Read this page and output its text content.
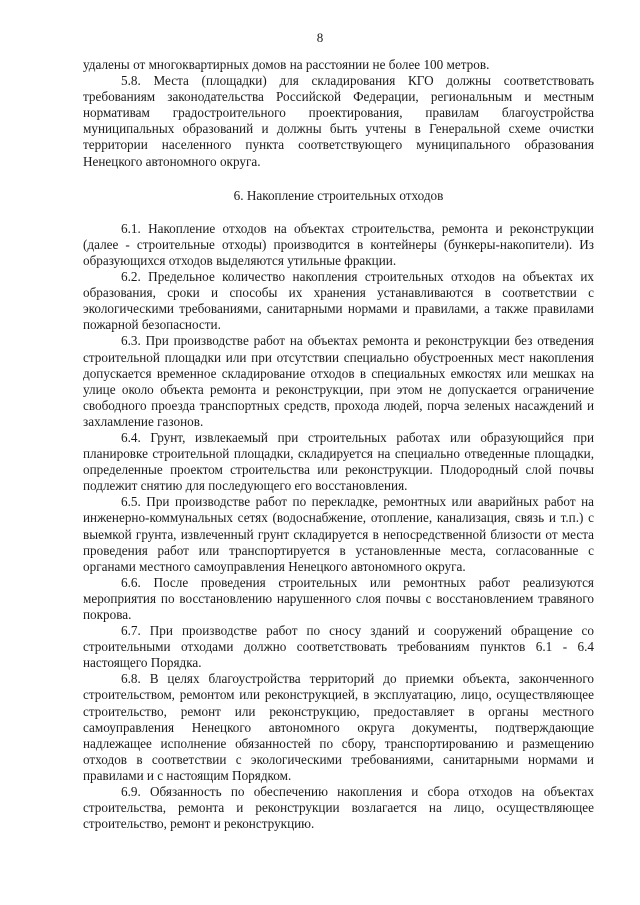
8

удалены от многоквартирных домов на расстоянии не более 100 метров.

5.8. Места (площадки) для складирования КГО должны соответствовать требованиям законодательства Российской Федерации, региональным и местным нормативам градостроительного проектирования, правилам благоустройства муниципальных образований и должны быть учтены в Генеральной схеме очистки территории населенного пункта соответствующего муниципального образования Ненецкого автономного округа.

6. Накопление строительных отходов

6.1. Накопление отходов на объектах строительства, ремонта и реконструкции (далее - строительные отходы) производится в контейнеры (бункеры-накопители). Из образующихся отходов выделяются утильные фракции.

6.2. Предельное количество накопления строительных отходов на объектах их образования, сроки и способы их хранения устанавливаются в соответствии с экологическими требованиями, санитарными нормами и правилами, а также правилами пожарной безопасности.

6.3. При производстве работ на объектах ремонта и реконструкции без отведения строительной площадки или при отсутствии специально обустроенных мест накопления допускается временное складирование отходов в специальных емкостях или мешках на улице около объекта ремонта и реконструкции, при этом не допускается ограничение свободного проезда транспортных средств, прохода людей, порча зеленых насаждений и захламление газонов.

6.4. Грунт, извлекаемый при строительных работах или образующийся при планировке строительной площадки, складируется на специально отведенные площадки, определенные проектом строительства или реконструкции. Плодородный слой почвы подлежит снятию для последующего его восстановления.

6.5. При производстве работ по перекладке, ремонтных или аварийных работ на инженерно-коммунальных сетях (водоснабжение, отопление, канализация, связь и т.п.) с выемкой грунта, извлеченный грунт складируется в непосредственной близости от места проведения работ или транспортируется в установленные места, согласованные с органами местного самоуправления Ненецкого автономного округа.

6.6. После проведения строительных или ремонтных работ реализуются мероприятия по восстановлению нарушенного слоя почвы с восстановлением травяного покрова.

6.7. При производстве работ по сносу зданий и сооружений обращение со строительными отходами должно соответствовать требованиям пунктов 6.1 - 6.4 настоящего Порядка.

6.8. В целях благоустройства территорий до приемки объекта, законченного строительством, ремонтом или реконструкцией, в эксплуатацию, лицо, осуществляющее строительство, ремонт или реконструкцию, предоставляет в органы местного самоуправления Ненецкого автономного округа документы, подтверждающие надлежащее исполнение обязанностей по сбору, транспортированию и размещению отходов в соответствии с экологическими требованиями, санитарными нормами и правилами и с настоящим Порядком.

6.9. Обязанность по обеспечению накопления и сбора отходов на объектах строительства, ремонта и реконструкции возлагается на лицо, осуществляющее строительство, ремонт и реконструкцию.
